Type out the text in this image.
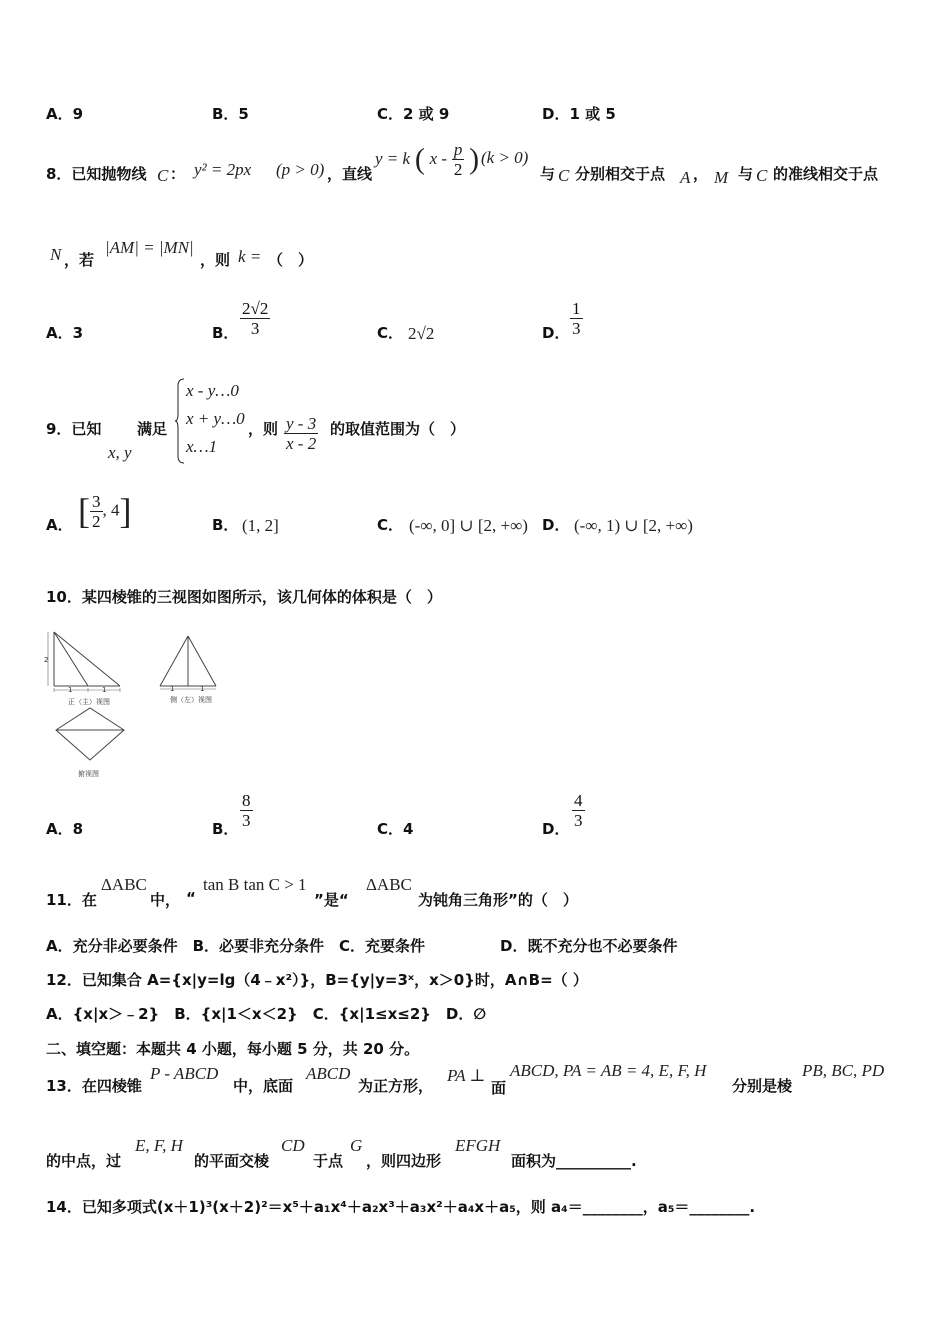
A．9	B．5	C．2 或 9	D．1 或 5
8．已知抛物线 C ： y² = 2px (p > 0) ，直线
y = k ( x - $\frac{p}{2}$ ) (k > 0)
与 C 分别相交于点 A ， M 与 C 的准线相交于点
N ，若
|AM| = |MN|
，则 k = （　）
A．3	B． $\frac{2√2}{3}$	C． 2√2	D． $\frac{1}{3}$
9．已知
x, y
满足
x - y…0
x + y…0
x…1
，则 $\frac{y - 3}{x - 2}$ 的取值范围为（　）
A． [ $\frac{3}{2}$ , 4]	B． (1, 2]	C． (-∞, 0] ∪ [2, +∞) D． (-∞, 1) ∪ [2, +∞)
10．某四棱锥的三视图如图所示，该几何体的体积是（　）
2
1	1
正（主）视图
1	1
侧（左）视图
俯视图
A．8	B． $\frac{8}{3}$	C．4	D． $\frac{4}{3}$
11．在
ΔABC
中， “
tan B tan C > 1
”是“
ΔABC
为钝角三角形”的（　）
A．充分非必要条件　B．必要非充分条件　C．充要条件　　　　　D．既不充分也不必要条件
12．已知集合 A={x|y=lg（4﹣x²）}，B={y|y=3ˣ，x＞0}时，A∩B=（ ）
A．{x|x＞﹣2}　B．{x|1＜x＜2}　C．{x|1≤x≤2}　D．∅
二、填空题：本题共 4 小题，每小题 5 分，共 20 分。
13．在四棱锥
P - ABCD
中，底面
ABCD
为正方形，
PA ⊥
面
ABCD, PA = AB = 4, E, F, H
分别是棱
PB, BC, PD
的中点，过
E, F, H
的平面交棱
CD
于点
G
，则四边形
EFGH
面积为__________.
14．已知多项式(x＋1)³(x＋2)²＝x⁵＋a₁x⁴＋a₂x³＋a₃x²＋a₄x＋a₅，则 a₄＝________，a₅＝________.
